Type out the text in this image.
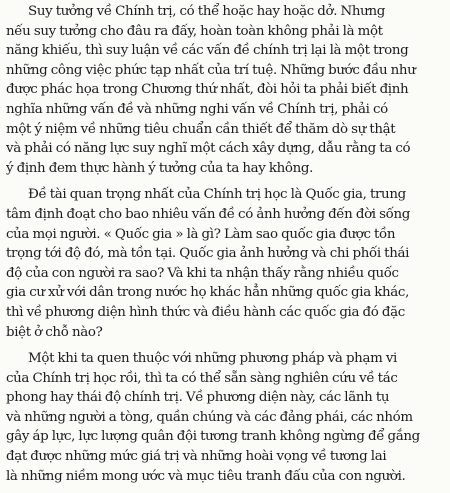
Suy tưởng về Chính trị, có thể hoặc hay hoặc dở. Nhưng
nếu suy tưởng cho đâu ra đấy, hoàn toàn không phải là một
năng khiếu, thì suy luận về các vấn đề chính trị lại là một trong
những công việc phức tạp nhất của trí tuệ. Những bước đầu như
được phác họa trong Chương thứ nhất, đòi hỏi ta phải biết định
nghĩa những vấn đề và những nghi vấn về Chính trị, phải có
một ý niệm về những tiêu chuẩn cần thiết để thăm dò sự thật
và phải có năng lực suy nghĩ một cách xây dựng, dẫu rằng ta có
ý định đem thực hành ý tưởng của ta hay không.
Đề tài quan trọng nhất của Chính trị học là Quốc gia, trung
tâm định đoạt cho bao nhiêu vấn đề có ảnh hưởng đến đời sống
của mọi người. « Quốc gia » là gì? Làm sao quốc gia được tồn
trọng tới độ đó, mà tồn tại. Quốc gia ảnh hưởng và chi phối thái
độ của con người ra sao? Và khi ta nhận thấy rằng nhiều quốc
gia cư xử với dân trong nước họ khác hẳn những quốc gia khác,
thì về phương diện hình thức và điều hành các quốc gia đó đặc
biệt ở chỗ nào?
Một khi ta quen thuộc với những phương pháp và phạm vi
của Chính trị học rồi, thì ta có thể sẵn sàng nghiên cứu về tác
phong hay thái độ chính trị. Về phương diện này, các lãnh tụ
và những người a tòng, quần chúng và các đảng phái, các nhóm
gây áp lực, lực lượng quân đội tương tranh không ngừng để gắng
đạt được những mức giá trị và những hoài vọng về tương lai
là những niềm mong ước và mục tiêu tranh đấu của con người.
